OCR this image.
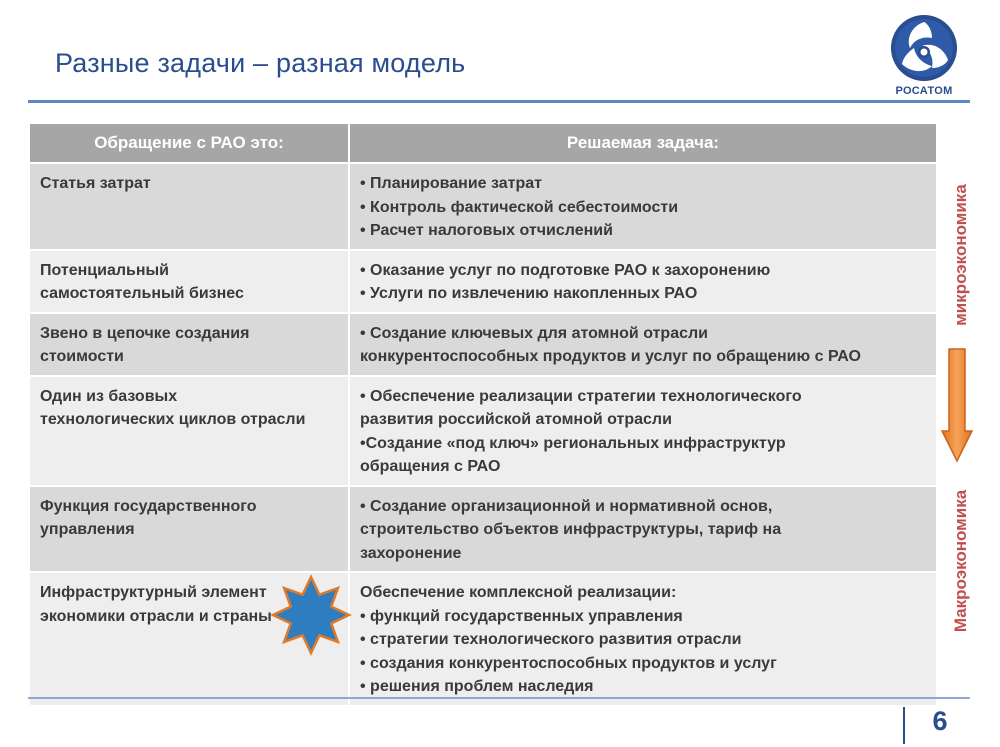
Разные задачи – разная модель
РОСАТОМ
Обращение с РАО это:	Решаемая задача:

Статья затрат	• Планирование затрат
• Контроль фактической себестоимости
• Расчет налоговых отчислений

Потенциальный
самостоятельный бизнес	• Оказание услуг по подготовке РАО к захоронению
• Услуги по извлечению накопленных РАО

Звено в цепочке создания
стоимости	• Создание ключевых для атомной отрасли
конкурентоспособных продуктов и услуг по обращению с РАО

Один из базовых
технологических циклов отрасли	• Обеспечение реализации стратегии технологического
развития российской атомной отрасли
•Создание «под ключ» региональных инфраструктур
обращения с РАО

Функция государственного
управления	• Создание организационной и нормативной основ,
строительство объектов инфраструктуры, тариф на
захоронение

Инфраструктурный элемент
экономики отрасли и страны	Обеспечение комплексной реализации:
• функций государственных управления
• стратегии технологического развития отрасли
• создания конкурентоспособных продуктов и услуг
• решения проблем наследия
микроэкономика
Макроэкономика
6
